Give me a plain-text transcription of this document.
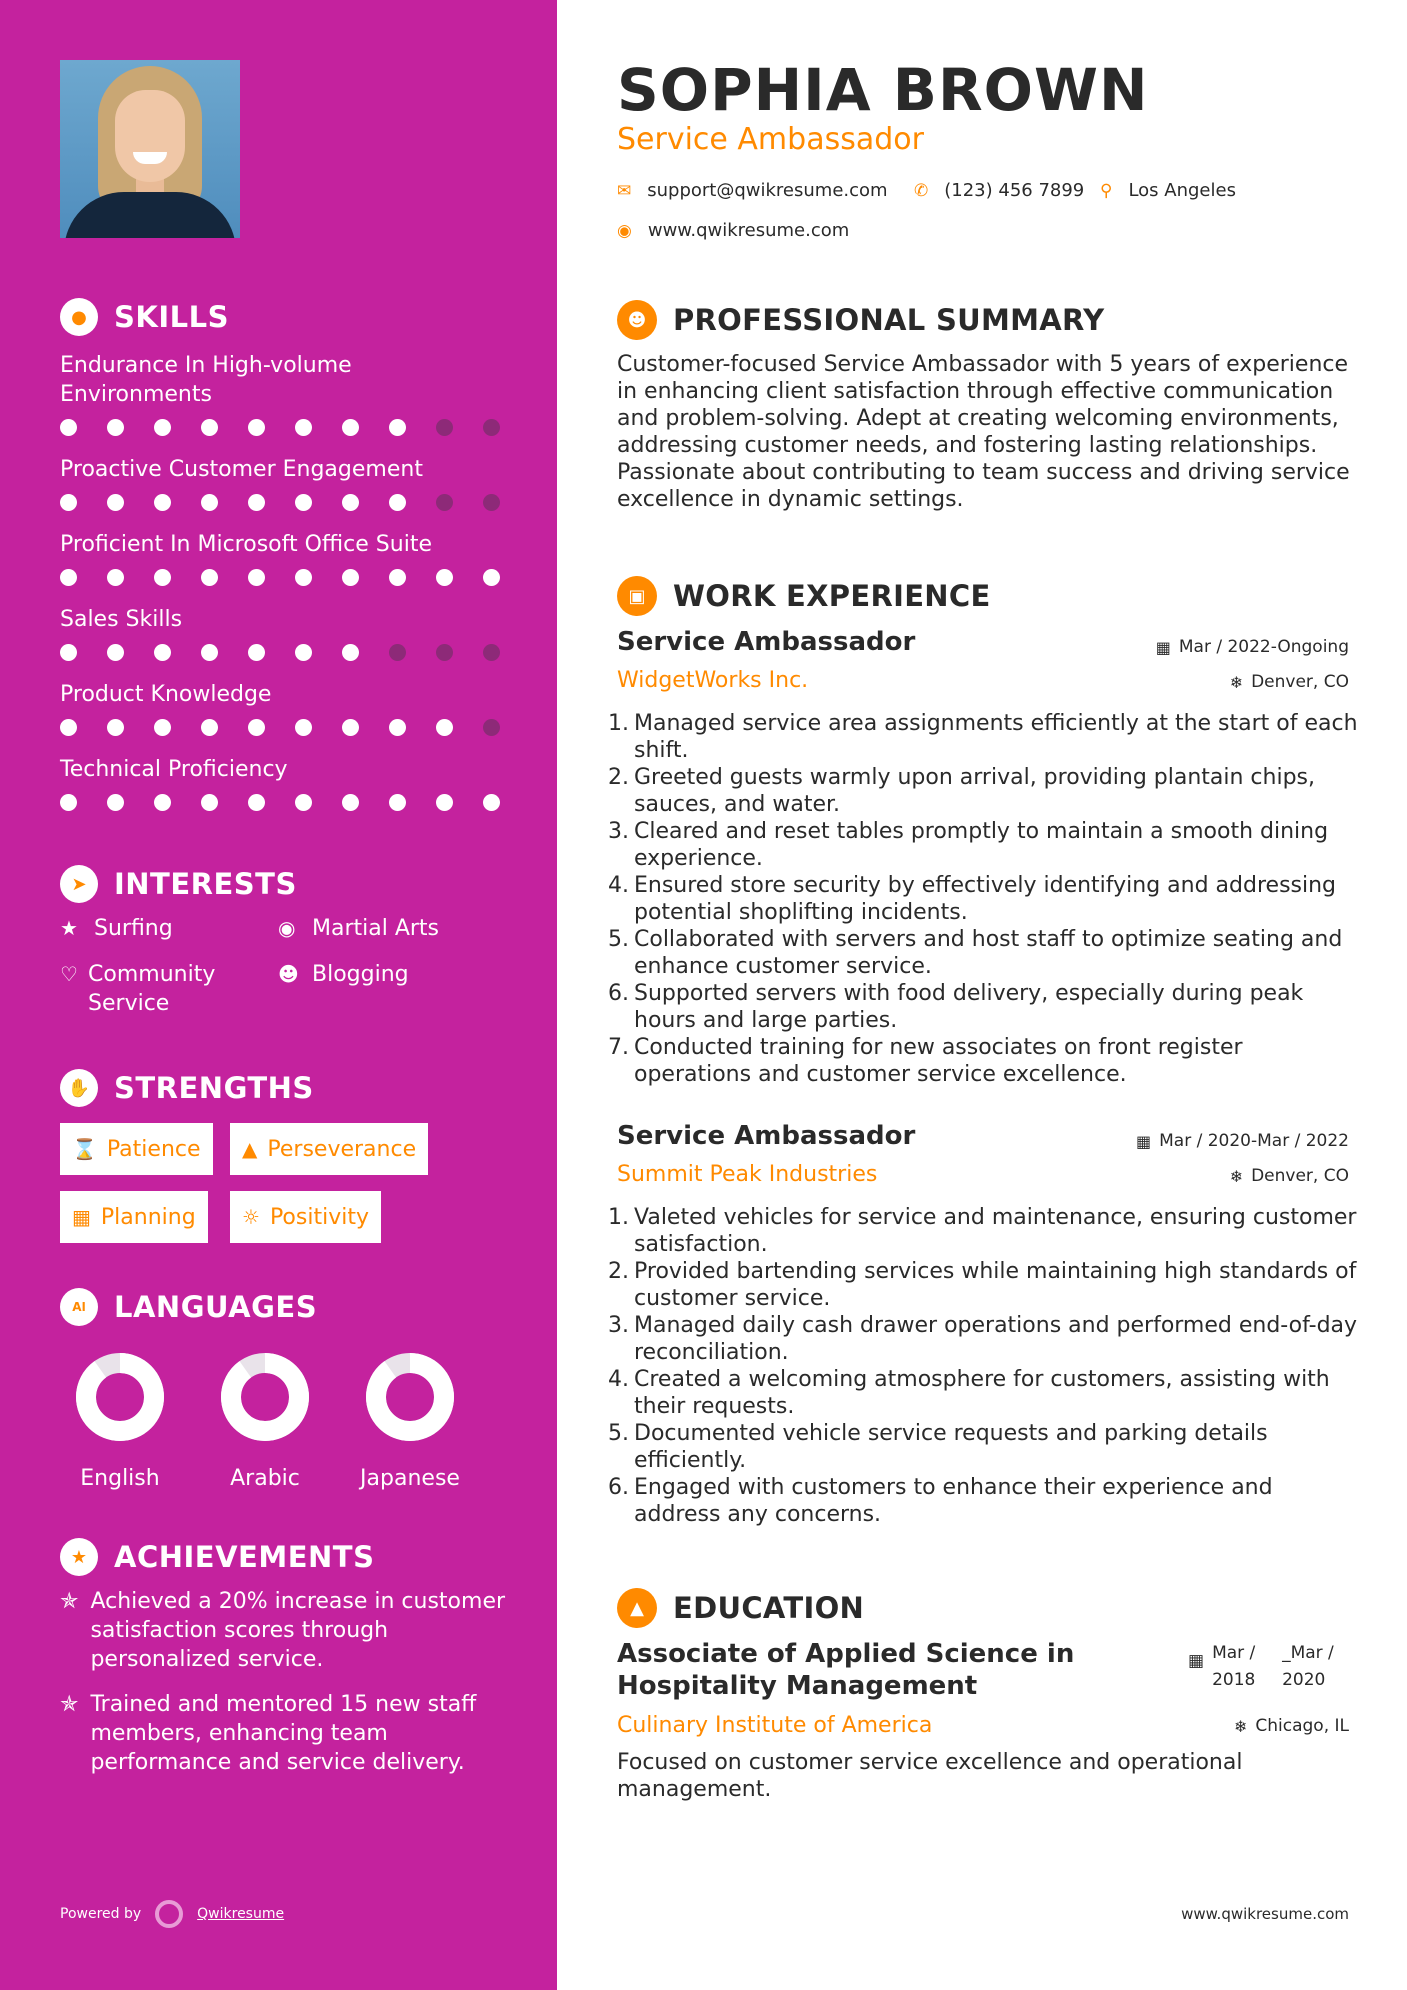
● SKILLS
Endurance In High-volume Environments
Proactive Customer Engagement
Proficient In Microsoft Office Suite
Sales Skills
Product Knowledge
Technical Proficiency
➤ INTERESTS
★ Surfing	◉ Martial Arts
♡ Community Service
☻ Blogging
✋ STRENGTHS
⌛ Patience ▲ Perseverance
▦ Planning ☼ Positivity
Aا LANGUAGES
English	Arabic	Japanese
★ ACHIEVEMENTS
✯ Achieved a 20% increase in customer satisfaction scores through personalized service.
✯ Trained and mentored 15 new staff members, enhancing team performance and service delivery.
Powered by	Qwikresume
SOPHIA BROWN
Service Ambassador
✉ support@qwikresume.com ✆ (123) 456 7899 ⚲ Los Angeles
◉ www.qwikresume.com
☻ PROFESSIONAL SUMMARY
Customer-focused Service Ambassador with 5 years of experience in enhancing client satisfaction through effective communication and problem-solving. Adept at creating welcoming environments, addressing customer needs, and fostering lasting relationships. Passionate about contributing to team success and driving service excellence in dynamic settings.
▣ WORK EXPERIENCE
Service Ambassador	▦ Mar / 2022-Ongoing
WidgetWorks Inc.	❄ Denver, CO
1. Managed service area assignments efficiently at the start of each shift.
2. Greeted guests warmly upon arrival, providing plantain chips, sauces, and water.
3. Cleared and reset tables promptly to maintain a smooth dining experience.
4. Ensured store security by effectively identifying and addressing potential shoplifting incidents.
5. Collaborated with servers and host staff to optimize seating and enhance customer service.
6. Supported servers with food delivery, especially during peak hours and large parties.
7. Conducted training for new associates on front register operations and customer service excellence.
Service Ambassador	▦ Mar / 2020-Mar / 2022
Summit Peak Industries	❄ Denver, CO
1. Valeted vehicles for service and maintenance, ensuring customer satisfaction.
2. Provided bartending services while maintaining high standards of customer service.
3. Managed daily cash drawer operations and performed end-of-day reconciliation.
4. Created a welcoming atmosphere for customers, assisting with their requests.
5. Documented vehicle service requests and parking details efficiently.
6. Engaged with customers to enhance their experience and address any concerns.
▲	EDUCATION
Associate of Applied Science in Hospitality Management
▦ Mar /
2018
_Mar /
2020
Culinary Institute of America	❄ Chicago, IL
Focused on customer service excellence and operational management.
www.qwikresume.com
